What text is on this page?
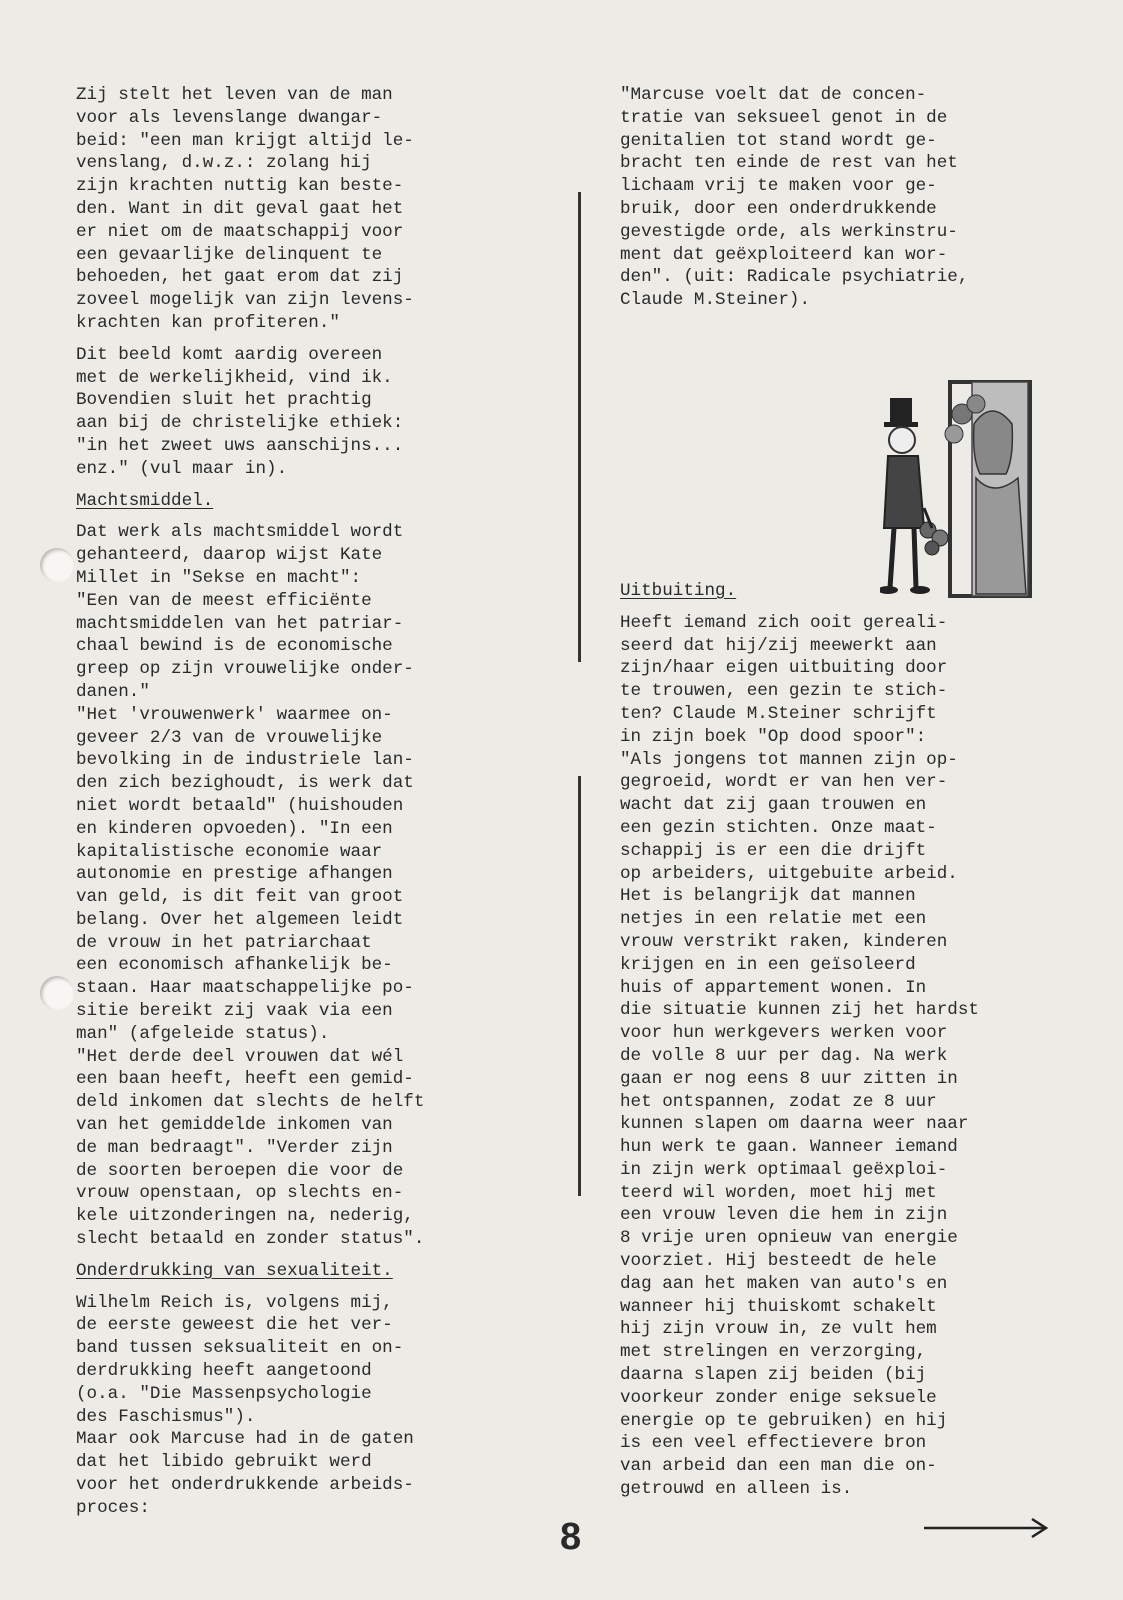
Zij stelt het leven van de man
voor als levenslange dwangar-
beid: "een man krijgt altijd le-
venslang, d.w.z.: zolang hij
zijn krachten nuttig kan beste-
den. Want in dit geval gaat het
er niet om de maatschappij voor
een gevaarlijke delinquent te
behoeden, het gaat erom dat zij
zoveel mogelijk van zijn levens-
krachten kan profiteren."

Dit beeld komt aardig overeen
met de werkelijkheid, vind ik.
Bovendien sluit het prachtig
aan bij de christelijke ethiek:
"in het zweet uws aanschijns...
enz." (vul maar in).

Machtsmiddel.

Dat werk als machtsmiddel wordt
gehanteerd, daarop wijst Kate
Millet in "Sekse en macht":
"Een van de meest efficiënte
machtsmiddelen van het patriar-
chaal bewind is de economische
greep op zijn vrouwelijke onder-
danen."
"Het 'vrouwenwerk' waarmee on-
geveer 2/3 van de vrouwelijke
bevolking in de industriele lan-
den zich bezighoudt, is werk dat
niet wordt betaald" (huishouden
en kinderen opvoeden). "In een
kapitalistische economie waar
autonomie en prestige afhangen
van geld, is dit feit van groot
belang. Over het algemeen leidt
de vrouw in het patriarchaat
een economisch afhankelijk be-
staan. Haar maatschappelijke po-
sitie bereikt zij vaak via een
man" (afgeleide status).
"Het derde deel vrouwen dat wél
een baan heeft, heeft een gemid-
deld inkomen dat slechts de helft
van het gemiddelde inkomen van
de man bedraagt". "Verder zijn
de soorten beroepen die voor de
vrouw openstaan, op slechts en-
kele uitzonderingen na, nederig,
slecht betaald en zonder status".

Onderdrukking van sexualiteit.

Wilhelm Reich is, volgens mij,
de eerste geweest die het ver-
band tussen seksualiteit en on-
derdrukking heeft aangetoond
(o.a. "Die Massenpsychologie
des Faschismus").
Maar ook Marcuse had in de gaten
dat het libido gebruikt werd
voor het onderdrukkende arbeids-
proces:

"Marcuse voelt dat de concen-
tratie van seksueel genot in de
genitalien tot stand wordt ge-
bracht ten einde de rest van het
lichaam vrij te maken voor ge-
bruik, door een onderdrukkende
gevestigde orde, als werkinstru-
ment dat geëxploiteerd kan wor-
den". (uit: Radicale psychiatrie,
Claude M.Steiner).

Uitbuiting.

Heeft iemand zich ooit gereali-
seerd dat hij/zij meewerkt aan
zijn/haar eigen uitbuiting door
te trouwen, een gezin te stich-
ten? Claude M.Steiner schrijft
in zijn boek "Op dood spoor":
"Als jongens tot mannen zijn op-
gegroeid, wordt er van hen ver-
wacht dat zij gaan trouwen en
een gezin stichten. Onze maat-
schappij is er een die drijft
op arbeiders, uitgebuite arbeid.
Het is belangrijk dat mannen
netjes in een relatie met een
vrouw verstrikt raken, kinderen
krijgen en in een geïsoleerd
huis of appartement wonen. In
die situatie kunnen zij het hardst
voor hun werkgevers werken voor
de volle 8 uur per dag. Na werk
gaan er nog eens 8 uur zitten in
het ontspannen, zodat ze 8 uur
kunnen slapen om daarna weer naar
hun werk te gaan. Wanneer iemand
in zijn werk optimaal geëxploi-
teerd wil worden, moet hij met
een vrouw leven die hem in zijn
8 vrije uren opnieuw van energie
voorziet. Hij besteedt de hele
dag aan het maken van auto's en
wanneer hij thuiskomt schakelt
hij zijn vrouw in, ze vult hem
met strelingen en verzorging,
daarna slapen zij beiden (bij
voorkeur zonder enige seksuele
energie op te gebruiken) en hij
is een veel effectievere bron
van arbeid dan een man die on-
getrouwd en alleen is.

8
